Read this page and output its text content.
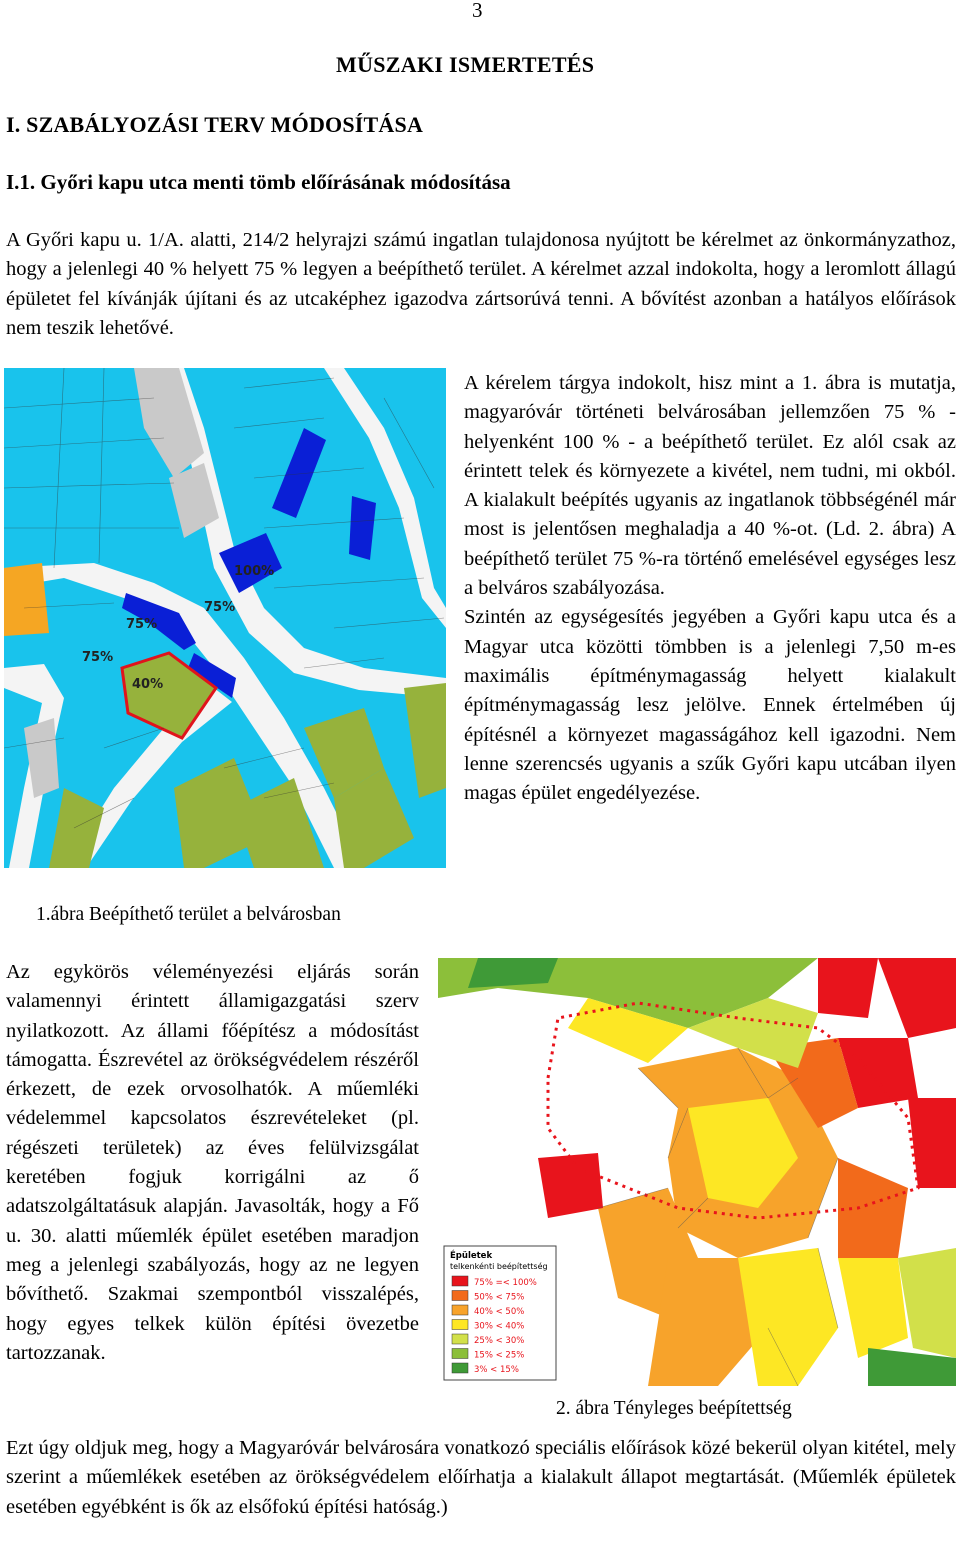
3
MŰSZAKI ISMERTETÉS
I. SZABÁLYOZÁSI TERV MÓDOSÍTÁSA
I.1. Győri kapu utca menti tömb előírásának módosítása
A Győri kapu u. 1/A. alatti, 214/2 helyrajzi számú ingatlan tulajdonosa nyújtott be kérelmet az önkormányzathoz, hogy a jelenlegi 40 % helyett 75 % legyen a beépíthető terület. A kérelmet azzal indokolta, hogy a leromlott állagú épületet fel kívánják újítani és az utcaképhez igazodva zártsorúvá tenni. A bővítést azonban a hatályos előírások nem teszik lehetővé.
100%
75%
75%
75%
40%
A kérelem tárgya indokolt, hisz mint a 1. ábra is mutatja, magyaróvár történeti belvárosában jellemzően 75 % - helyenként 100 % - a beépíthető terület. Ez alól csak az érintett telek és környezete a kivétel, nem tudni, mi okból. A kialakult beépítés ugyanis az ingatlanok többségénél már most is jelentősen meghaladja a 40 %-ot. (Ld. 2. ábra) A beépíthető terület 75 %-ra történő emelésével egységes lesz a belváros szabályozása.
Szintén az egységesítés jegyében a Győri kapu utca és a Magyar utca közötti tömbben is a jelenlegi 7,50 m-es maximális építménymagasság helyett kialakult építménymagasság lesz jelölve. Ennek értelmében új építésnél a környezet magasságához kell igazodni. Nem lenne szerencsés ugyanis a szűk Győri kapu utcában ilyen magas épület engedélyezése.
1.ábra Beépíthető terület a belvárosban
Az egykörös véleményezési eljárás során valamennyi érintett államigazgatási szerv nyilatkozott. Az állami főépítész a módosítást támogatta. Észrevétel az örökségvédelem részéről érkezett, de ezek orvosolhatók. A műemléki védelemmel kapcsolatos észrevételeket (pl. régészeti területek) az éves felülvizsgálat keretében fogjuk korrigálni az ő adatszolgáltatásuk alapján. Javasolták, hogy a Fő u. 30. alatti műemlék épület esetében maradjon meg a jelenlegi szabályozás, hogy az ne legyen bővíthető. Szakmai szempontból visszalépés, hogy egyes telkek külön építési övezetbe tartozzanak.
Épületek
telkenkénti beépítettség
75% =< 100%
50% < 75%
40% < 50%
30% < 40%
25% < 30%
15% < 25%
3% < 15%
2. ábra Tényleges beépítettség
Ezt úgy oldjuk meg, hogy a Magyaróvár belvárosára vonatkozó speciális előírások közé bekerül olyan kitétel, mely szerint a műemlékek esetében az örökségvédelem előírhatja a kialakult állapot megtartását. (Műemlék épületek esetében egyébként is ők az elsőfokú építési hatóság.)
